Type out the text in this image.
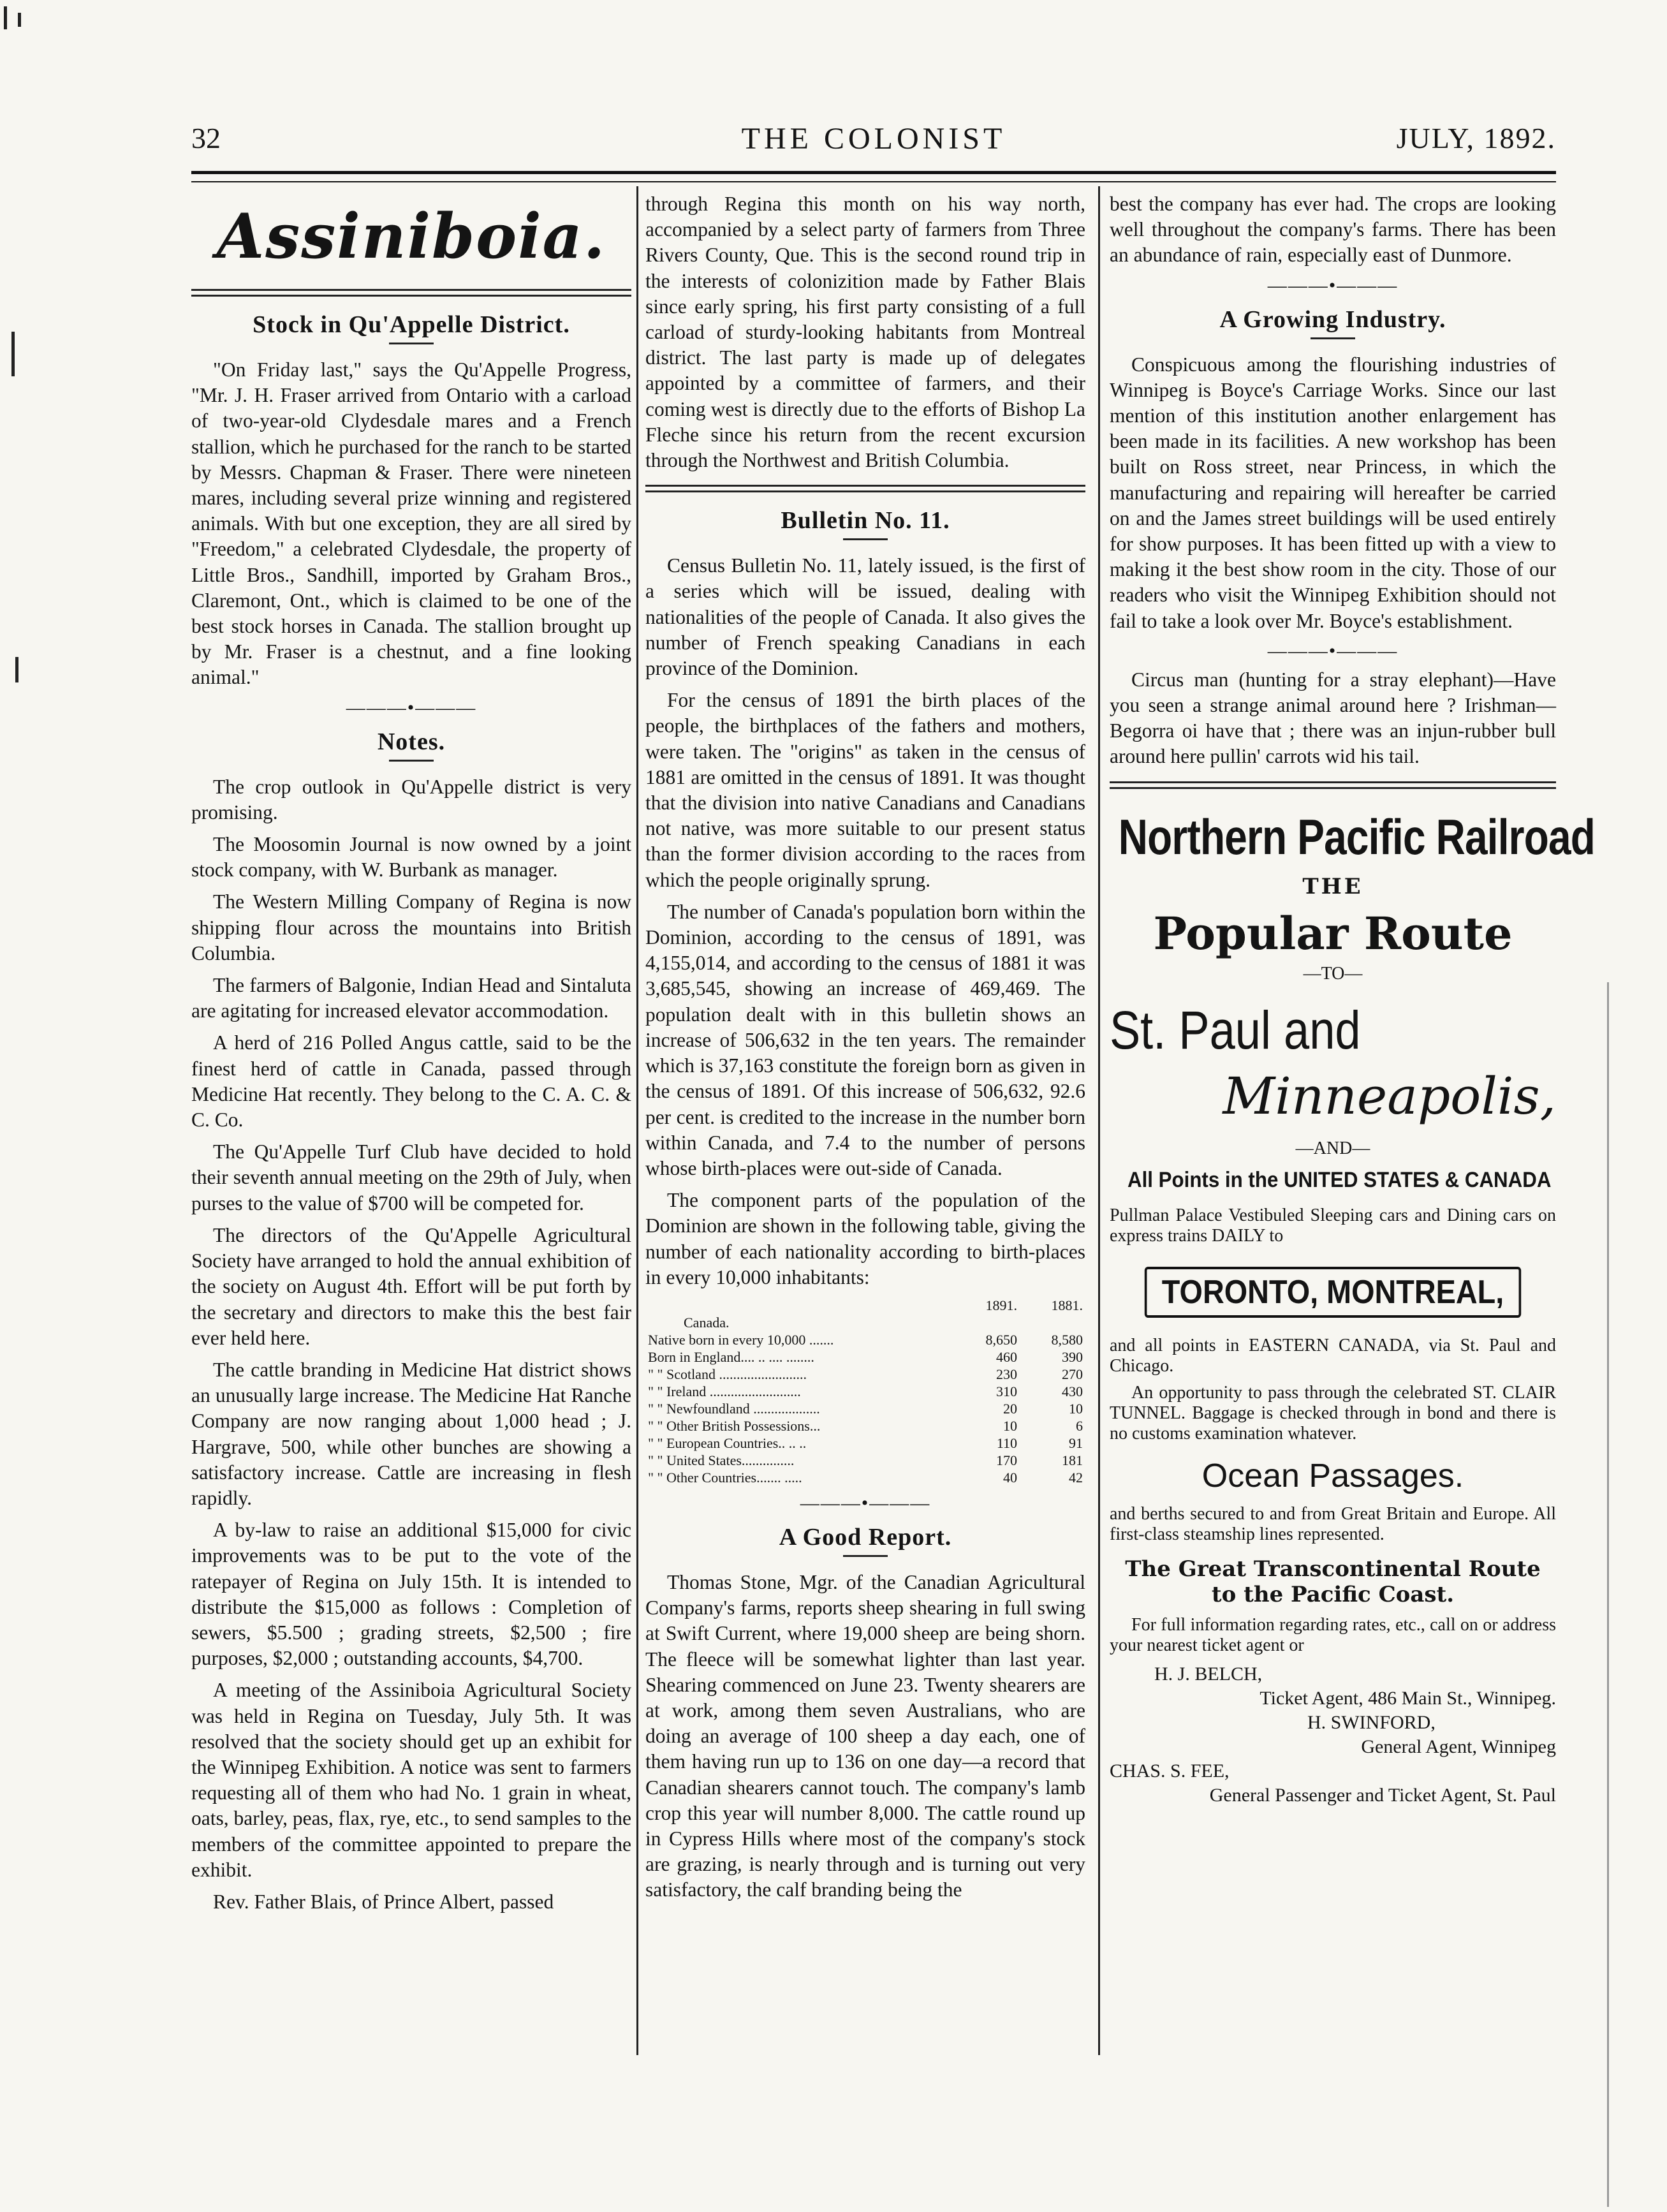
THE COLONIST
32	JULY, 1892.
Assiniboia.
Stock in Qu'Appelle District.

"On Friday last," says the Qu'Appelle Progress, "Mr. J. H. Fraser arrived from Ontario with a carload of two-year-old Clydesdale mares and a French stallion, which he purchased for the ranch to be started by Messrs. Chapman & Fraser. There were nineteen mares, including several prize winning and registered animals. With but one exception, they are all sired by "Freedom," a celebrated Clydesdale, the property of Little Bros., Sandhill, imported by Graham Bros., Claremont, Ont., which is claimed to be one of the best stock horses in Canada. The stallion brought up by Mr. Fraser is a chestnut, and a fine looking animal."

———•———
Notes.

The crop outlook in Qu'Appelle district is very promising.

The Moosomin Journal is now owned by a joint stock company, with W. Burbank as manager.

The Western Milling Company of Regina is now shipping flour across the mountains into British Columbia.

The farmers of Balgonie, Indian Head and Sintaluta are agitating for increased elevator accommodation.

A herd of 216 Polled Angus cattle, said to be the finest herd of cattle in Canada, passed through Medicine Hat recently. They belong to the C. A. C. & C. Co.

The Qu'Appelle Turf Club have decided to hold their seventh annual meeting on the 29th of July, when purses to the value of $700 will be competed for.

The directors of the Qu'Appelle Agricultural Society have arranged to hold the annual exhibition of the society on August 4th. Effort will be put forth by the secretary and directors to make this the best fair ever held here.

The cattle branding in Medicine Hat district shows an unusually large increase. The Medicine Hat Ranche Company are now ranging about 1,000 head ; J. Hargrave, 500, while other bunches are showing a satisfactory increase. Cattle are increasing in flesh rapidly.

A by-law to raise an additional $15,000 for civic improvements was to be put to the vote of the ratepayer of Regina on July 15th. It is intended to distribute the $15,000 as follows : Completion of sewers, $5.500 ; grading streets, $2,500 ; fire purposes, $2,000 ; outstanding accounts, $4,700.

A meeting of the Assiniboia Agricultural Society was held in Regina on Tuesday, July 5th. It was resolved that the society should get up an exhibit for the Winnipeg Exhibition. A notice was sent to farmers requesting all of them who had No. 1 grain in wheat, oats, barley, peas, flax, rye, etc., to send samples to the members of the committee appointed to prepare the exhibit.

Rev. Father Blais, of Prince Albert, passed

through Regina this month on his way north, accompanied by a select party of farmers from Three Rivers County, Que. This is the second round trip in the interests of colonizition made by Father Blais since early spring, his first party consisting of a full carload of sturdy-looking habitants from Montreal district. The last party is made up of delegates appointed by a committee of farmers, and their coming west is directly due to the efforts of Bishop La Fleche since his return from the recent excursion through the Northwest and British Columbia.

Bulletin No. 11.

Census Bulletin No. 11, lately issued, is the first of a series which will be issued, dealing with nationalities of the people of Canada. It also gives the number of French speaking Canadians in each province of the Dominion.

For the census of 1891 the birth places of the people, the birthplaces of the fathers and mothers, were taken. The "origins" as taken in the census of 1881 are omitted in the census of 1891. It was thought that the division into native Canadians and Canadians not native, was more suitable to our present status than the former division according to the races from which the people originally sprung.

The number of Canada's population born within the Dominion, according to the census of 1891, was 4,155,014, and according to the census of 1881 it was 3,685,545, showing an increase of 469,469. The population dealt with in this bulletin shows an increase of 506,632 in the ten years. The remainder which is 37,163 constitute the foreign born as given in the census of 1891. Of this increase of 506,632, 92.6 per cent. is credited to the increase in the number born within Canada, and 7.4 to the number of persons whose birth-places were out-side of Canada.

The component parts of the population of the Dominion are shown in the following table, giving the number of each nationality according to birth-places in every 10,000 inhabitants:

	1891.	1881.
Canada.		
Native born in every 10,000 .......	8,650	8,580
Born in England.... .. .... ........	460	390
" " Scotland .........................	230	270
" " Ireland ..........................	310	430
" " Newfoundland ...................	20	10
" " Other British Possessions...	10	6
" " European Countries.. .. ..	110	91
" " United States...............	170	181
" " Other Countries....... .....	40	42
———•———
A Good Report.

Thomas Stone, Mgr. of the Canadian Agricultural Company's farms, reports sheep shearing in full swing at Swift Current, where 19,000 sheep are being shorn. The fleece will be somewhat lighter than last year. Shearing commenced on June 23. Twenty shearers are at work, among them seven Australians, who are doing an average of 100 sheep a day each, one of them having run up to 136 on one day—a record that Canadian shearers cannot touch. The company's lamb crop this year will number 8,000. The cattle round up in Cypress Hills where most of the company's stock are grazing, is nearly through and is turning out very satisfactory, the calf branding being the

best the company has ever had. The crops are looking well throughout the company's farms. There has been an abundance of rain, especially east of Dunmore.

———•———
A Growing Industry.

Conspicuous among the flourishing industries of Winnipeg is Boyce's Carriage Works. Since our last mention of this institution another enlargement has been made in its facilities. A new workshop has been built on Ross street, near Princess, in which the manufacturing and repairing will hereafter be carried on and the James street buildings will be used entirely for show purposes. It has been fitted up with a view to making it the best show room in the city. Those of our readers who visit the Winnipeg Exhibition should not fail to take a look over Mr. Boyce's establishment.

———•———

Circus man (hunting for a stray elephant)—Have you seen a strange animal around here ? Irishman—Begorra oi have that ; there was an injun-rubber bull around here pullin' carrots wid his tail.

Northern Pacific Railroad
THE
Popular Route
—TO—
St. Paul and
Minneapolis,
—AND—
All Points in the UNITED STATES & CANADA

Pullman Palace Vestibuled Sleeping cars and Dining cars on express trains DAILY to

TORONTO, MONTREAL,

and all points in EASTERN CANADA, via St. Paul and Chicago.

An opportunity to pass through the celebrated ST. CLAIR TUNNEL. Baggage is checked through in bond and there is no customs examination whatever.

Ocean Passages.

and berths secured to and from Great Britain and Europe. All first-class steamship lines represented.

The Great Transcontinental Route to the Pacific Coast.

For full information regarding rates, etc., call on or address your nearest ticket agent or

H. J. BELCH,
Ticket Agent, 486 Main St., Winnipeg.
H. SWINFORD,
General Agent, Winnipeg
CHAS. S. FEE,
General Passenger and Ticket Agent, St. Paul
